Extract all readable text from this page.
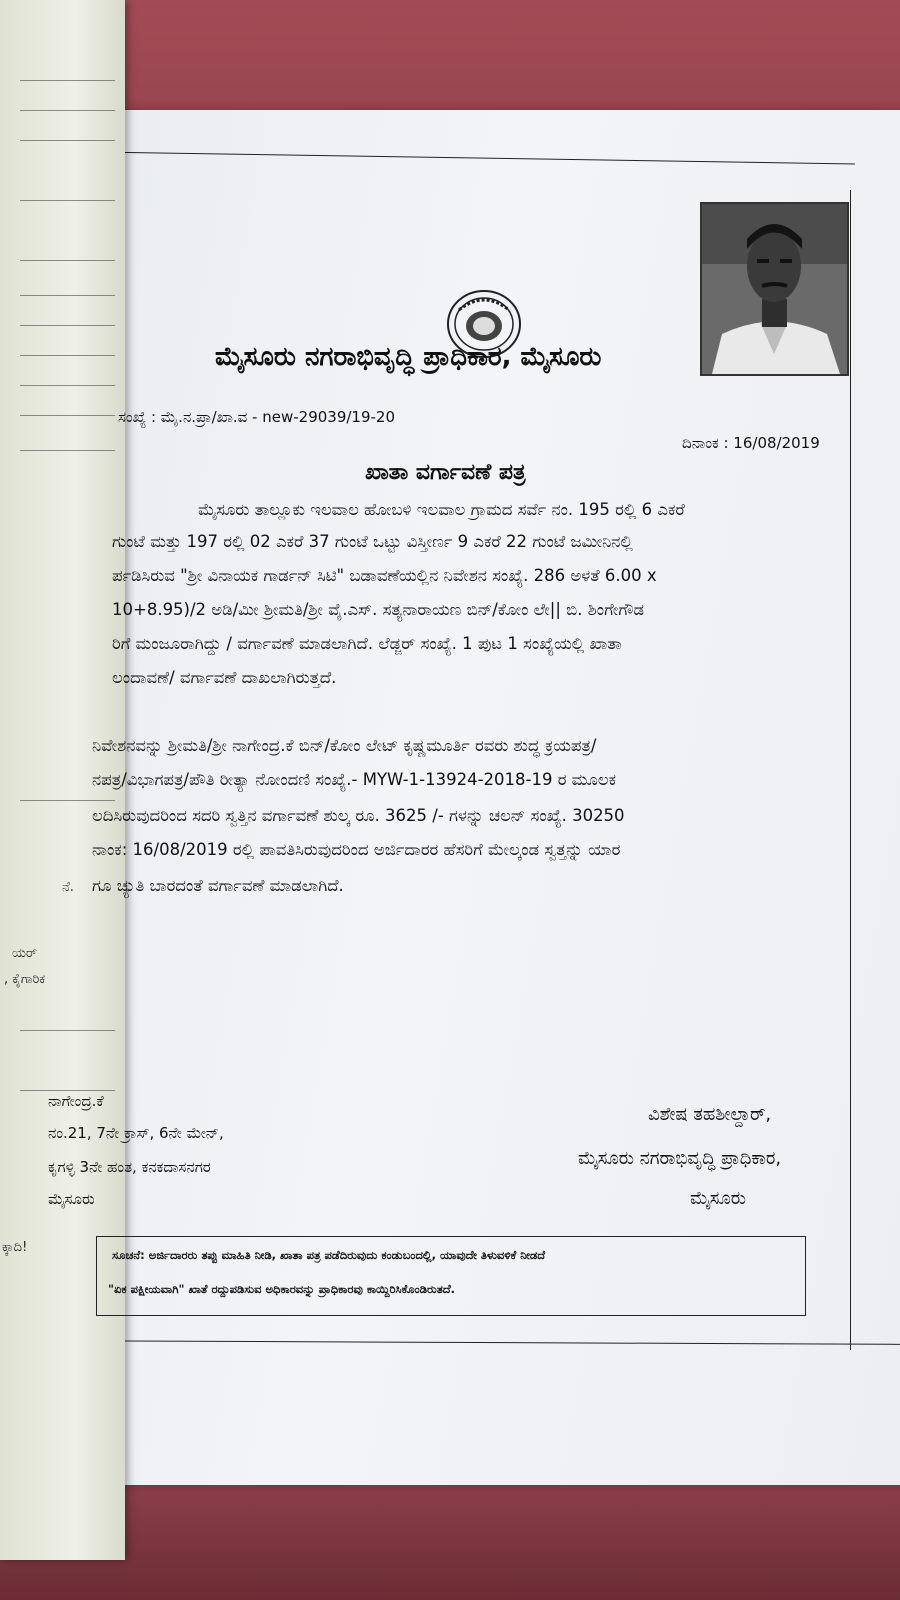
ನೆ.
ಯರ್
, ಕೈಗಾರಿಕ
ಕ್ಕಾದಿ!
ಮೈಸೂರು ನಗರಾಭಿವೃದ್ಧಿ ಪ್ರಾಧಿಕಾರ, ಮೈಸೂರು
ಸಂಖ್ಯೆ : ಮೈ.ನ.ಪ್ರಾ/ಖಾ.ವ - new-29039/19-20
ದಿನಾಂಕ : 16/08/2019
ಖಾತಾ ವರ್ಗಾವಣೆ ಪತ್ರ
ಮೈಸೂರು ತಾಲ್ಲೂಕು ಇಲವಾಲ ಹೋಬಳಿ ಇಲವಾಲ ಗ್ರಾಮದ ಸರ್ವೆ ನಂ. 195 ರಲ್ಲಿ 6 ಎಕರೆ
ಗುಂಟೆ ಮತ್ತು 197 ರಲ್ಲಿ 02 ಎಕರೆ 37 ಗುಂಟೆ ಒಟ್ಟು ವಿಸ್ತೀರ್ಣ 9 ಎಕರೆ 22 ಗುಂಟೆ ಜಮೀನಿನಲ್ಲಿ
ರ್ಪಡಿಸಿರುವ "ಶ್ರೀ ವಿನಾಯಕ ಗಾರ್ಡನ್ ಸಿಟಿ" ಬಡಾವಣೆಯಲ್ಲಿನ ನಿವೇಶನ ಸಂಖ್ಯೆ. 286 ಅಳತೆ 6.00 x
10+8.95)/2 ಅಡಿ/ಮೀ ಶ್ರೀಮತಿ/ಶ್ರೀ ವೈ.ಎಸ್. ಸತ್ಯನಾರಾಯಣ ಬಿನ್/ಕೋಂ ಲೇ|| ಬಿ. ಶಿಂಗೇಗೌಡ
ರಿಗೆ ಮಂಜೂರಾಗಿದ್ದು / ವರ್ಗಾವಣೆ ಮಾಡಲಾಗಿದೆ. ಲೆಡ್ಜರ್ ಸಂಖ್ಯೆ. 1 ಪುಟ 1 ಸಂಖ್ಯೆಯಲ್ಲಿ ಖಾತಾ
ಲಂದಾವಣೆ/ ವರ್ಗಾವಣೆ ದಾಖಲಾಗಿರುತ್ತದೆ.
ನಿವೇಶನವನ್ನು ಶ್ರೀಮತಿ/ಶ್ರೀ ನಾಗೇಂದ್ರ.ಕೆ ಬಿನ್/ಕೋಂ ಲೇಟ್ ಕೃಷ್ಣಮೂರ್ತಿ ರವರು ಶುದ್ಧ ಕ್ರಯಪತ್ರ/
ನಪತ್ರ/ವಿಭಾಗಪತ್ರ/ಪೌತಿ ರೀತ್ಯಾ ನೋಂದಣಿ ಸಂಖ್ಯೆ.- MYW-1-13924-2018-19 ರ ಮೂಲಕ
ಲದಿಸಿರುವುದರಿಂದ ಸದರಿ ಸ್ವತ್ತಿನ ವರ್ಗಾವಣೆ ಶುಲ್ಕ ರೂ. 3625 /- ಗಳನ್ನು ಚಲನ್ ಸಂಖ್ಯೆ. 30250
ನಾಂಕ: 16/08/2019 ರಲ್ಲಿ ಪಾವತಿಸಿರುವುದರಿಂದ ಅರ್ಜಿದಾರರ ಹೆಸರಿಗೆ ಮೇಲ್ಕಂಡ ಸ್ವತ್ತನ್ನು ಯಾರ
ಗೂ ಚ್ಯುತಿ ಬಾರದಂತೆ ವರ್ಗಾವಣೆ ಮಾಡಲಾಗಿದೆ.
ನಾಗೇಂದ್ರ.ಕೆ
ನಂ.21, 7ನೇ ಕ್ರಾಸ್, 6ನೇ ಮೇನ್,
ಕೃಗಳ್ಳಿ 3ನೇ ಹಂತ, ಕನಕದಾಸನಗರ
ಮೈಸೂರು
ವಿಶೇಷ ತಹಶೀಲ್ದಾರ್,
ಮೈಸೂರು ನಗರಾಭಿವೃದ್ಧಿ ಪ್ರಾಧಿಕಾರ,
ಮೈಸೂರು
ಸೂಚನೆ: ಅರ್ಜಿದಾರರು ತಪ್ಪು ಮಾಹಿತಿ ನೀಡಿ, ಖಾತಾ ಪತ್ರ ಪಡೆದಿರುವುದು ಕಂಡುಬಂದಲ್ಲಿ, ಯಾವುದೇ ತಿಳುವಳಿಕೆ ನೀಡದೆ
"ಏಕ ಪಕ್ಷೀಯವಾಗಿ" ಖಾತೆ ರದ್ದುಪಡಿಸುವ ಅಧಿಕಾರವನ್ನು ಪ್ರಾಧಿಕಾರವು ಕಾಯ್ದಿರಿಸಿಕೊಂಡಿರುತದೆ.
